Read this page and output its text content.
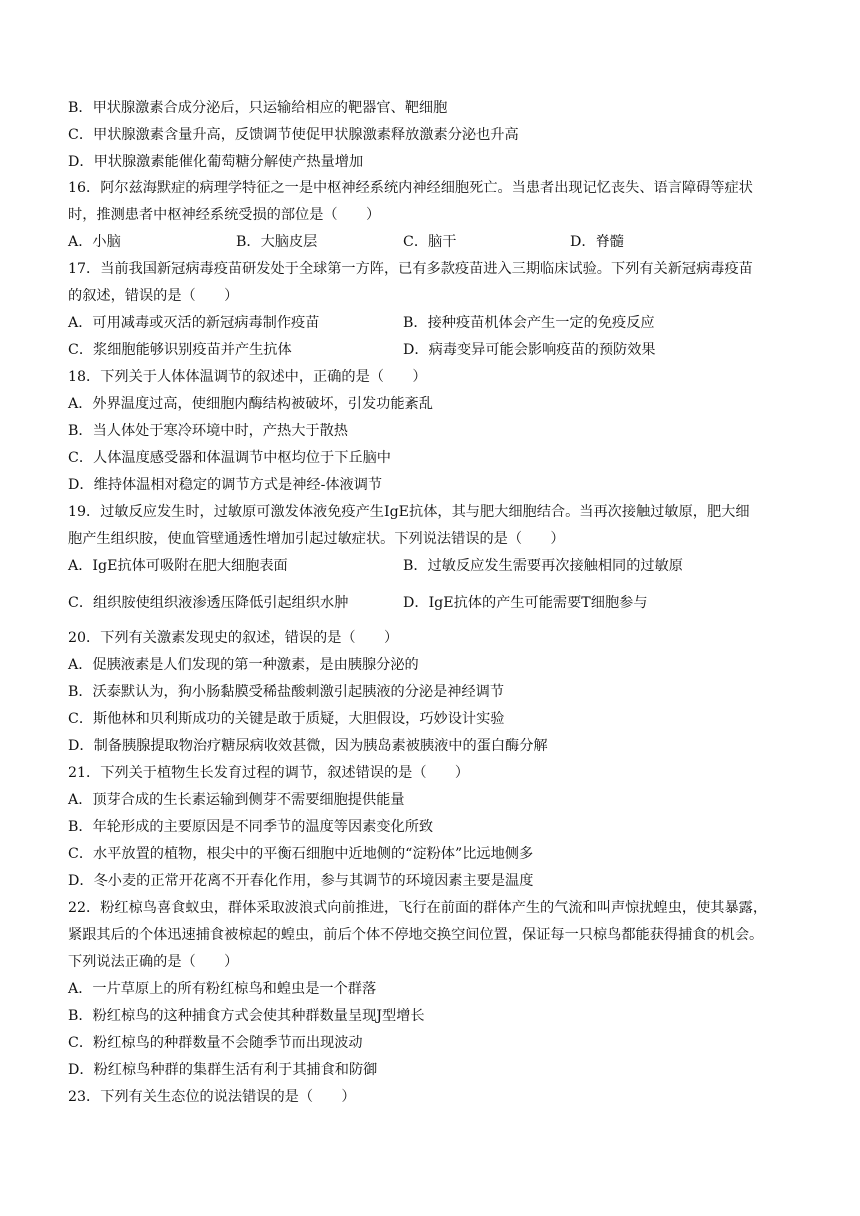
B．甲状腺激素合成分泌后，只运输给相应的靶器官、靶细胞
C．甲状腺激素含量升高，反馈调节使促甲状腺激素释放激素分泌也升高
D．甲状腺激素能催化葡萄糖分解使产热量增加
16．阿尔兹海默症的病理学特征之一是中枢神经系统内神经细胞死亡。当患者出现记忆丧失、语言障碍等症状
时，推测患者中枢神经系统受损的部位是（　　）
A．小脑	B．大脑皮层	C．脑干	D．脊髓
17．当前我国新冠病毒疫苗研发处于全球第一方阵，已有多款疫苗进入三期临床试验。下列有关新冠病毒疫苗
的叙述，错误的是（　　）
A．可用减毒或灭活的新冠病毒制作疫苗	B．接种疫苗机体会产生一定的免疫反应
C．浆细胞能够识别疫苗并产生抗体	D．病毒变异可能会影响疫苗的预防效果
18．下列关于人体体温调节的叙述中，正确的是（　　）
A．外界温度过高，使细胞内酶结构被破坏，引发功能紊乱
B．当人体处于寒冷环境中时，产热大于散热
C．人体温度感受器和体温调节中枢均位于下丘脑中
D．维持体温相对稳定的调节方式是神经-体液调节
19．过敏反应发生时，过敏原可激发体液免疫产生IgE抗体，其与肥大细胞结合。当再次接触过敏原，肥大细
胞产生组织胺，使血管壁通透性增加引起过敏症状。下列说法错误的是（　　）
A．IgE抗体可吸附在肥大细胞表面	B．过敏反应发生需要再次接触相同的过敏原
C．组织胺使组织液渗透压降低引起组织水肿	D．IgE抗体的产生可能需要T细胞参与
20．下列有关激素发现史的叙述，错误的是（　　）
A．促胰液素是人们发现的第一种激素，是由胰腺分泌的
B．沃泰默认为，狗小肠黏膜受稀盐酸刺激引起胰液的分泌是神经调节
C．斯他林和贝利斯成功的关键是敢于质疑，大胆假设，巧妙设计实验
D．制备胰腺提取物治疗糖尿病收效甚微，因为胰岛素被胰液中的蛋白酶分解
21．下列关于植物生长发育过程的调节，叙述错误的是（　　）
A．顶芽合成的生长素运输到侧芽不需要细胞提供能量
B．年轮形成的主要原因是不同季节的温度等因素变化所致
C．水平放置的植物，根尖中的平衡石细胞中近地侧的“淀粉体”比远地侧多
D．冬小麦的正常开花离不开春化作用，参与其调节的环境因素主要是温度
22．粉红椋鸟喜食蚁虫，群体采取波浪式向前推进，飞行在前面的群体产生的气流和叫声惊扰蝗虫，使其暴露，
紧跟其后的个体迅速捕食被椋起的蝗虫，前后个体不停地交换空间位置，保证每一只椋鸟都能获得捕食的机会。
下列说法正确的是（　　）
A．一片草原上的所有粉红椋鸟和蝗虫是一个群落
B．粉红椋鸟的这种捕食方式会使其种群数量呈现J型增长
C．粉红椋鸟的种群数量不会随季节而出现波动
D．粉红椋鸟种群的集群生活有利于其捕食和防御
23．下列有关生态位的说法错误的是（　　）
